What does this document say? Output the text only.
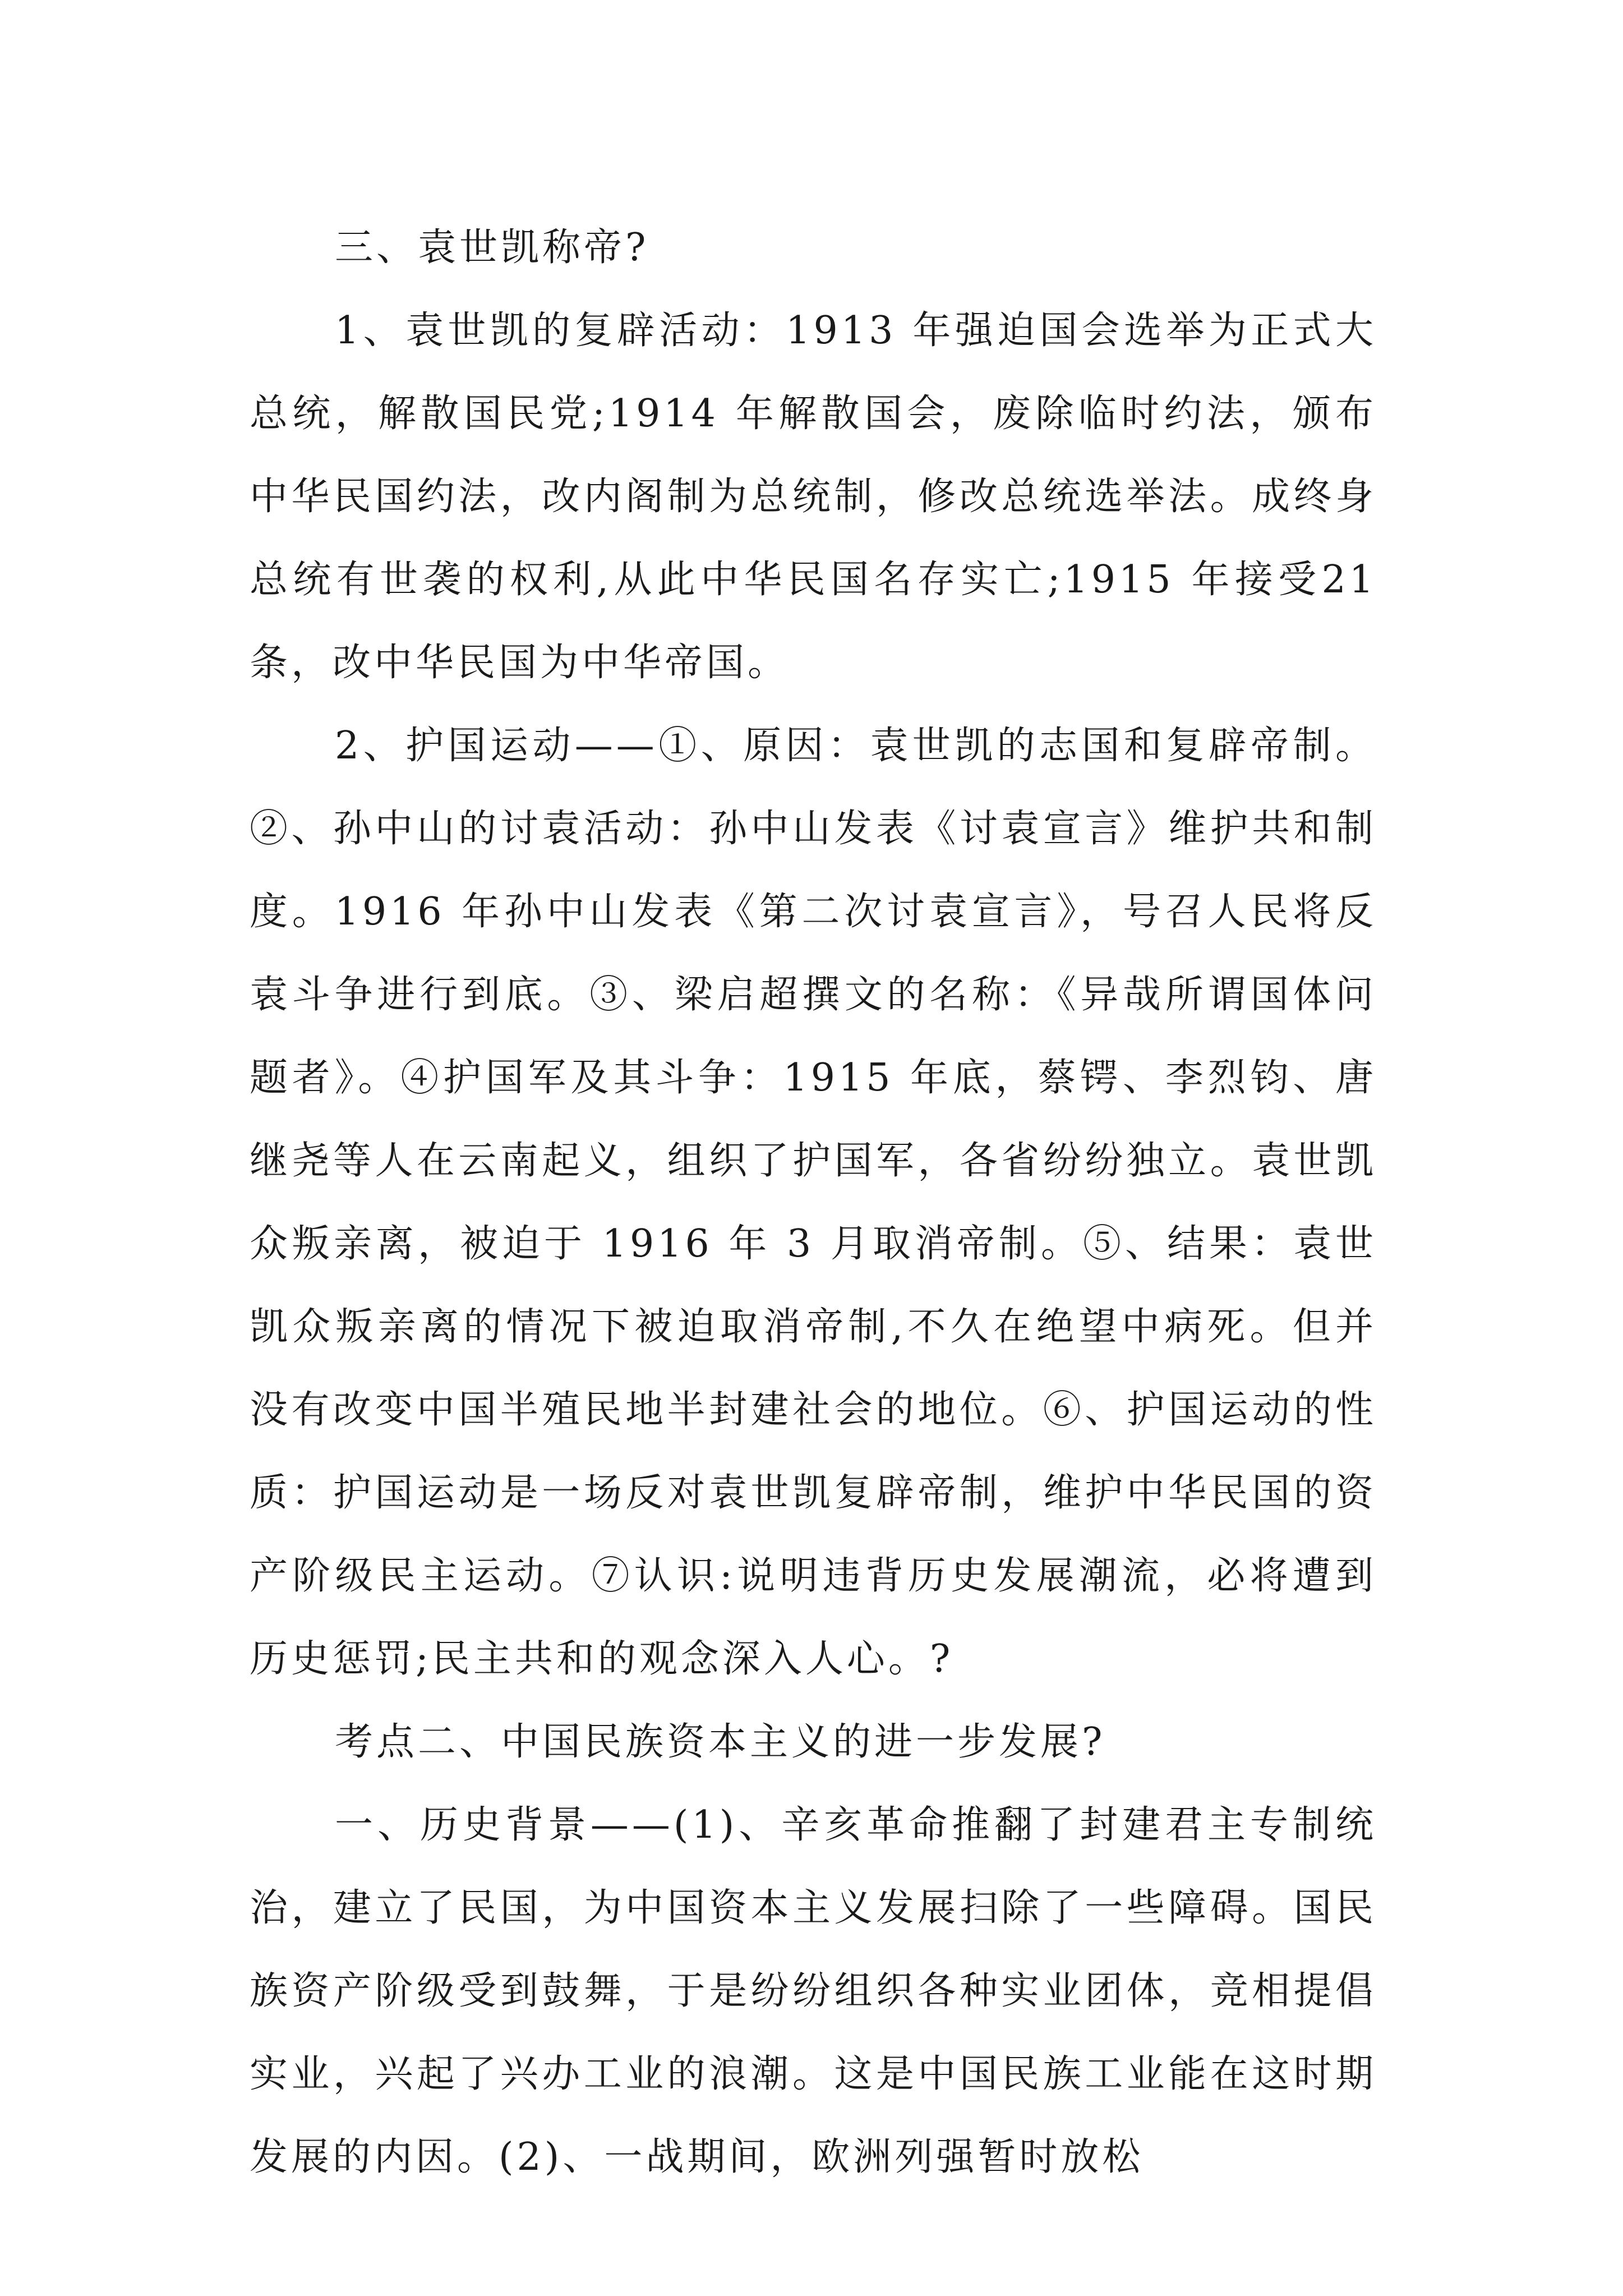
三、袁世凯称帝?

1、袁世凯的复辟活动：1913 年强迫国会选举为正式大总统，解散国民党;1914 年解散国会，废除临时约法，颁布中华民国约法，改内阁制为总统制，修改总统选举法。成终身总统有世袭的权利,从此中华民国名存实亡;1915 年接受21 条，改中华民国为中华帝国。

2、护国运动——①、原因：袁世凯的志国和复辟帝制。②、孙中山的讨袁活动：孙中山发表《讨袁宣言》维护共和制度。1916 年孙中山发表《第二次讨袁宣言》，号召人民将反袁斗争进行到底。③、梁启超撰文的名称：《异哉所谓国体问题者》。④护国军及其斗争：1915 年底，蔡锷、李烈钧、唐继尧等人在云南起义，组织了护国军，各省纷纷独立。袁世凯众叛亲离，被迫于 1916 年 3 月取消帝制。⑤、结果：袁世凯众叛亲离的情况下被迫取消帝制,不久在绝望中病死。但并没有改变中国半殖民地半封建社会的地位。⑥、护国运动的性质：护国运动是一场反对袁世凯复辟帝制，维护中华民国的资产阶级民主运动。⑦认识:说明违背历史发展潮流，必将遭到历史惩罚;民主共和的观念深入人心。?

考点二、中国民族资本主义的进一步发展?

一、历史背景——(1)、辛亥革命推翻了封建君主专制统治，建立了民国，为中国资本主义发展扫除了一些障碍。国民族资产阶级受到鼓舞，于是纷纷组织各种实业团体，竞相提倡实业，兴起了兴办工业的浪潮。这是中国民族工业能在这时期发展的内因。(2)、一战期间，欧洲列强暂时放松
